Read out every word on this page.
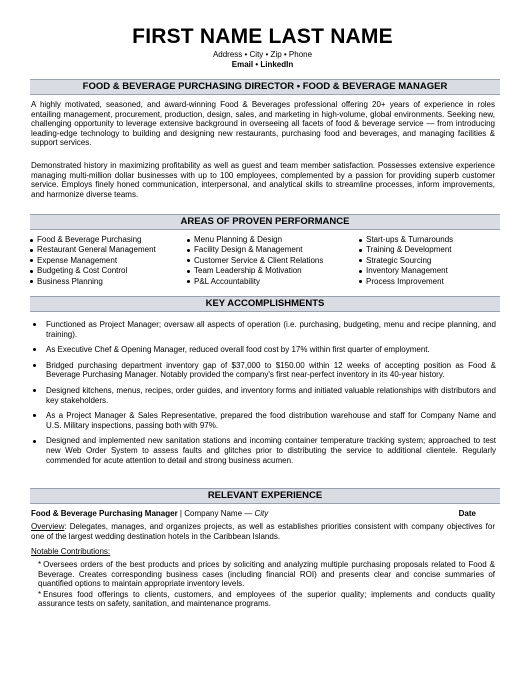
FIRST NAME LAST NAME
Address • City • Zip • Phone
Email • LinkedIn
FOOD & BEVERAGE PURCHASING DIRECTOR • FOOD & BEVERAGE MANAGER

A highly motivated, seasoned, and award-winning Food & Beverages professional offering 20+ years of experience in roles entailing management, procurement, production, design, sales, and marketing in high-volume, global environments. Seeking new, challenging opportunity to leverage extensive background in overseeing all facets of food & beverage service — from introducing leading-edge technology to building and designing new restaurants, purchasing food and beverages, and managing facilities & support services.

Demonstrated history in maximizing profitability as well as guest and team member satisfaction. Possesses extensive experience managing multi-million dollar businesses with up to 100 employees, complemented by a passion for providing superb customer service. Employs finely honed communication, interpersonal, and analytical skills to streamline processes, inform improvements, and harmonize diverse teams.

AREAS OF PROVEN PERFORMANCE
Food & Beverage Purchasing
Restaurant General Management
Expense Management
Budgeting & Cost Control
Business Planning
Menu Planning & Design
Facility Design & Management
Customer Service & Client Relations
Team Leadership & Motivation
P&L Accountability
Start-ups & Turnarounds
Training & Development
Strategic Sourcing
Inventory Management
Process Improvement
KEY ACCOMPLISHMENTS
Functioned as Project Manager; oversaw all aspects of operation (i.e. purchasing, budgeting, menu and recipe planning, and training).
As Executive Chef & Opening Manager, reduced overall food cost by 17% within first quarter of employment.
Bridged purchasing department inventory gap of $37,000 to $150.00 within 12 weeks of accepting position as Food & Beverage Purchasing Manager. Notably provided the company's first near-perfect inventory in its 40-year history.
Designed kitchens, menus, recipes, order guides, and inventory forms and initiated valuable relationships with distributors and key stakeholders.
As a Project Manager & Sales Representative, prepared the food distribution warehouse and staff for Company Name and U.S. Military inspections, passing both with 97%.
Designed and implemented new sanitation stations and incoming container temperature tracking system; approached to test new Web Order System to assess faults and glitches prior to distributing the service to additional clientele. Regularly commended for acute attention to detail and strong business acumen.
RELEVANT EXPERIENCE
Food & Beverage Purchasing Manager | Company Name — City	Date

Overview: Delegates, manages, and organizes projects, as well as establishes priorities consistent with company objectives for one of the largest wedding destination hotels in the Caribbean Islands.

Notable Contributions:

* Oversees orders of the best products and prices by soliciting and analyzing multiple purchasing proposals related to Food & Beverage. Creates corresponding business cases (including financial ROI) and presents clear and concise summaries of quantified options to maintain appropriate inventory levels.
* Ensures food offerings to clients, customers, and employees of the superior quality; implements and conducts quality assurance tests on safety, sanitation, and maintenance programs.
